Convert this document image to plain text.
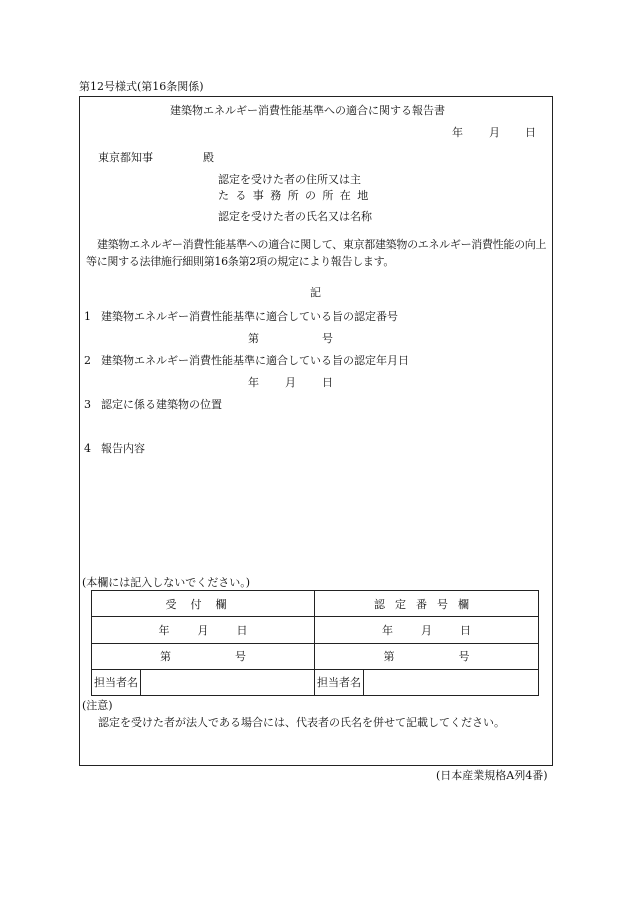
第12号様式(第16条関係)
建築物エネルギー消費性能基準への適合に関する報告書
年 月 日
東京都知事	殿
認定を受けた者の住所又は主
たる事務所の所在地
認定を受けた者の氏名又は名称
建築物エネルギー消費性能基準への適合に関して、東京都建築物のエネルギー消費性能の向上等に関する法律施行細則第16条第2項の規定により報告します。
記
1 建築物エネルギー消費性能基準に適合している旨の認定番号
第	号
2 建築物エネルギー消費性能基準に適合している旨の認定年月日
年 月 日
3 認定に係る建築物の位置
4 報告内容
(本欄には記入しないでください。)
受付欄		認定番号欄	
年 月 日		年 月 日	
第 号		第 号	
担当者名		担当者名	
(注意)
認定を受けた者が法人である場合には、代表者の氏名を併せて記載してください。
(日本産業規格A列4番)
